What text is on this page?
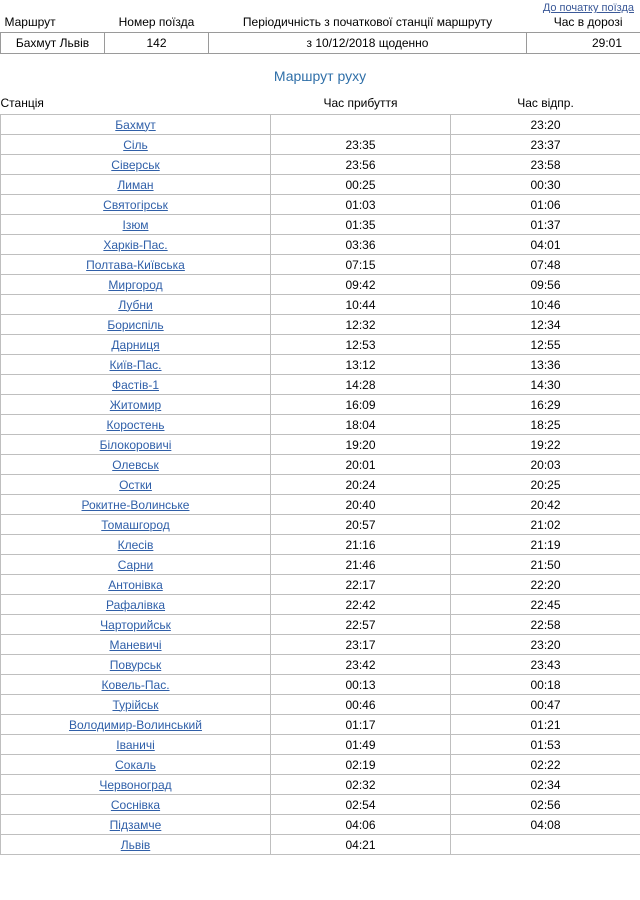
До початку поїзда
Маршрут	Номер поїзда	Періодичність з початкової станції маршруту	Час в дорозі
Бахмут Львів	142	з 10/12/2018 щоденно	29:01
Маршрут руху
Станція	Час прибуття	Час відпр.
Бахмут		23:20
Сіль	23:35	23:37
Сіверськ	23:56	23:58
Лиман	00:25	00:30
Святогірськ	01:03	01:06
Ізюм	01:35	01:37
Харків-Пас.	03:36	04:01
Полтава-Київська	07:15	07:48
Миргород	09:42	09:56
Лубни	10:44	10:46
Бориспіль	12:32	12:34
Дарниця	12:53	12:55
Київ-Пас.	13:12	13:36
Фастів-1	14:28	14:30
Житомир	16:09	16:29
Коростень	18:04	18:25
Білокоровичі	19:20	19:22
Олевськ	20:01	20:03
Остки	20:24	20:25
Рокитне-Волинське	20:40	20:42
Томашгород	20:57	21:02
Клесів	21:16	21:19
Сарни	21:46	21:50
Антонівка	22:17	22:20
Рафалівка	22:42	22:45
Чарторийськ	22:57	22:58
Маневичі	23:17	23:20
Повурськ	23:42	23:43
Ковель-Пас.	00:13	00:18
Турійськ	00:46	00:47
Володимир-Волинський	01:17	01:21
Іваничі	01:49	01:53
Сокаль	02:19	02:22
Червоноград	02:32	02:34
Соснівка	02:54	02:56
Підзамче	04:06	04:08
Львів	04:21	
